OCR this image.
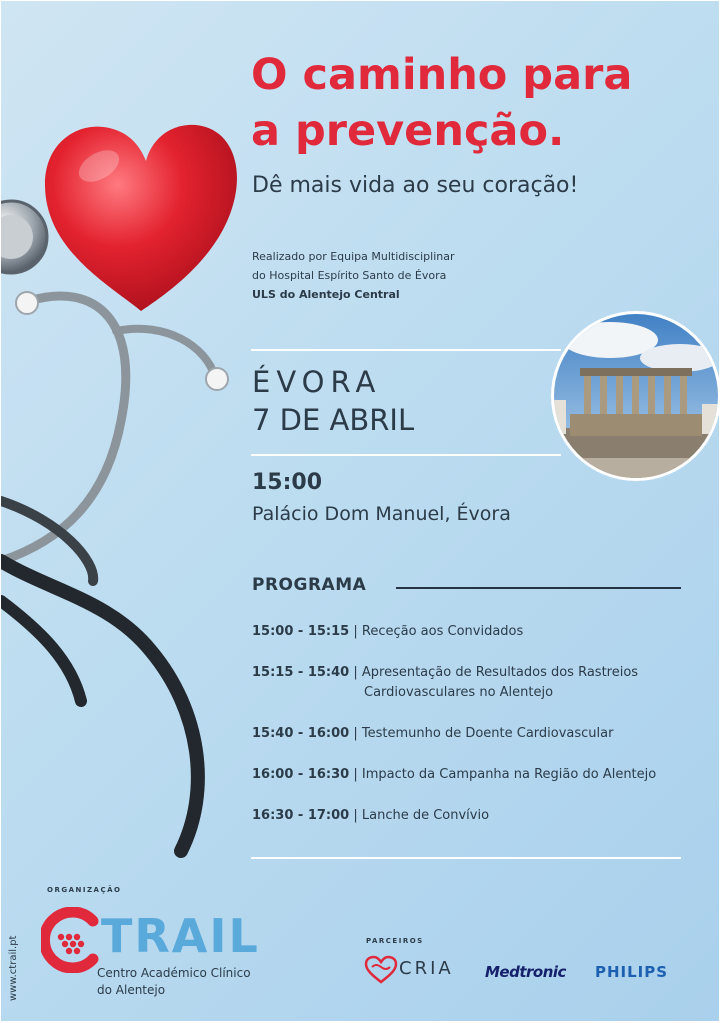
O caminho para
a prevenção.
Dê mais vida ao seu coração!
Realizado por Equipa Multidisciplinar
do Hospital Espírito Santo de Évora
ULS do Alentejo Central
ÉVORA
7 DE ABRIL
15:00
Palácio Dom Manuel, Évora
PROGRAMA
15:00 - 15:15 | Receção aos Convidados
15:15 - 15:40 | Apresentação de Resultados dos Rastreios
Cardiovasculares no Alentejo
15:40 - 16:00 | Testemunho de Doente Cardiovascular
16:00 - 16:30 | Impacto da Campanha na Região do Alentejo
16:30 - 17:00 | Lanche de Convívio
ORGANIZAÇÃO
www.ctrail.pt TRAIL
Centro Académico Clínico
do Alentejo
PARCEIROS
CRIA Medtronic PHILIPS
